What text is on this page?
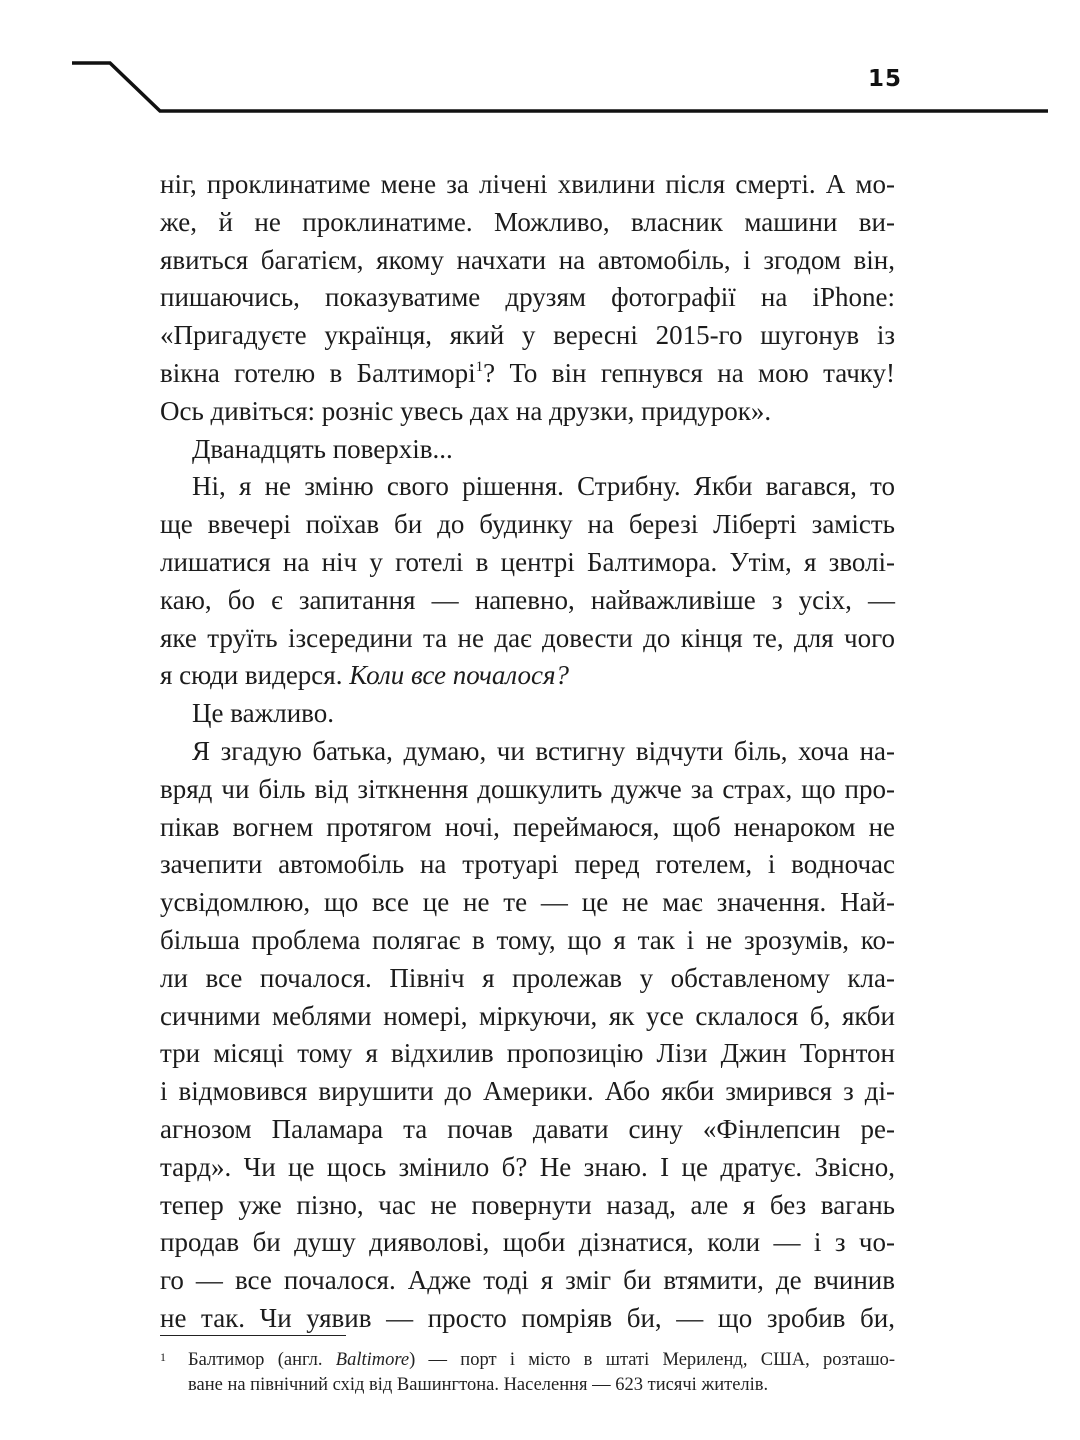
15
ніг, проклинатиме мене за лічені хвилини після смерті. А мо-
же, й не проклинатиме. Можливо, власник машини ви-
явиться багатієм, якому начхати на автомобіль, і згодом він,
пишаючись, показуватиме друзям фотографії на iPhone:
«Пригадуєте українця, який у вересні 2015-го шугонув із
вікна готелю в Балтиморі$^1$? То він гепнувся на мою тачку!
Ось дивіться: розніс увесь дах на друзки, придурок».
Дванадцять поверхів...
Ні, я не зміню свого рішення. Стрибну. Якби вагався, то
ще ввечері поїхав би до будинку на березі Ліберті замість
лишатися на ніч у готелі в центрі Балтимора. Утім, я зволі-
каю, бо є запитання — напевно, найважливіше з усіх, —
яке труїть ізсередини та не дає довести до кінця те, для чого
я сюди видерся. Коли все почалося?
Це важливо.
Я згадую батька, думаю, чи встигну відчути біль, хоча на-
вряд чи біль від зіткнення дошкулить дужче за страх, що про-
пікав вогнем протягом ночі, переймаюся, щоб ненароком не
зачепити автомобіль на тротуарі перед готелем, і водночас
усвідомлюю, що все це не те — це не має значення. Най-
більша проблема полягає в тому, що я так і не зрозумів, ко-
ли все почалося. Північ я пролежав у обставленому кла-
сичними меблями номері, міркуючи, як усе склалося б, якби
три місяці тому я відхилив пропозицію Лізи Джин Торнтон
і відмовився вирушити до Америки. Або якби змирився з ді-
агнозом Паламара та почав давати сину «Фінлепсин ре-
тард». Чи це щось змінило б? Не знаю. І це дратує. Звісно,
тепер уже пізно, час не повернути назад, але я без вагань
продав би душу дияволові, щоби дізнатися, коли — і з чо-
го — все почалося. Адже тоді я зміг би втямити, де вчинив
не так. Чи уявив — просто помріяв би, — що зробив би,
1 Балтимор (англ. Baltimore) — порт і місто в штаті Мериленд, США, розташо-
ване на північний схід від Вашингтона. Населення — 623 тисячі жителів.
